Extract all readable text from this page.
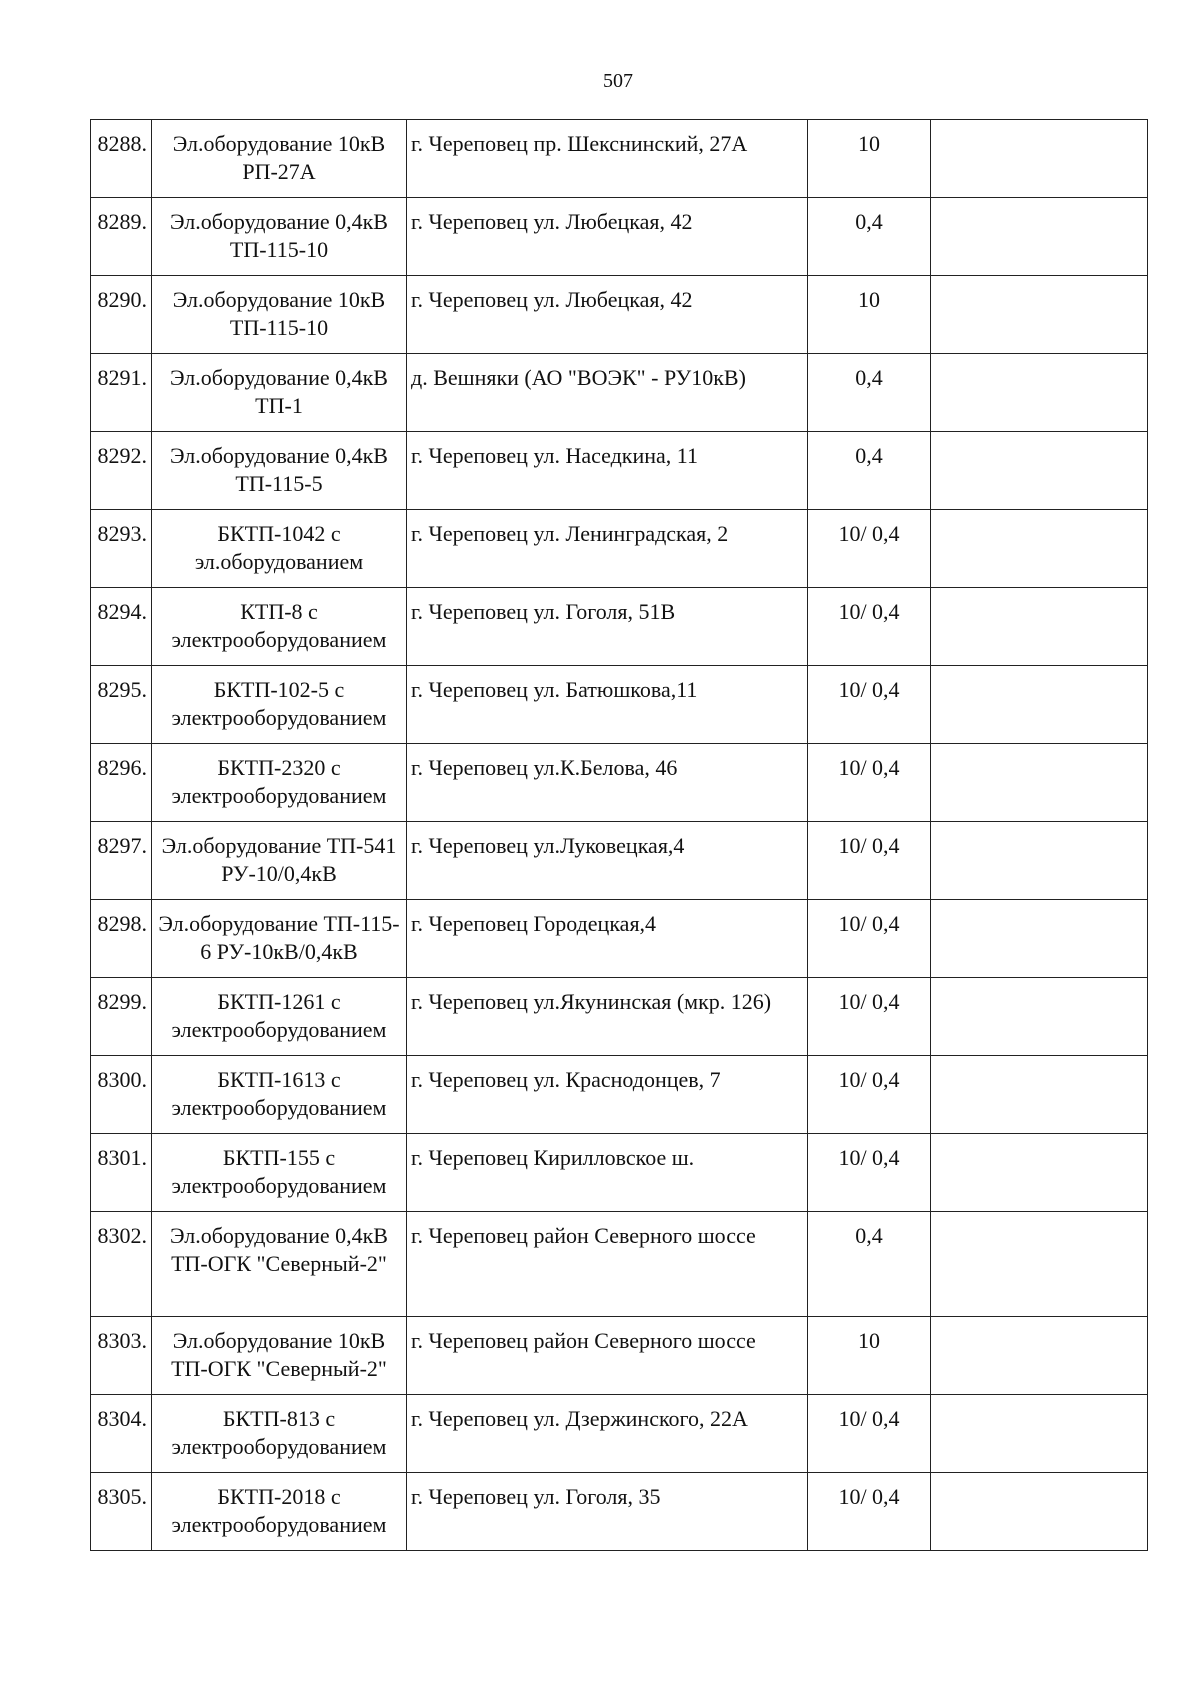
507
8288.	Эл.оборудование 10кВ РП-27А	г. Череповец пр. Шекснинский, 27А	10	
8289.	Эл.оборудование 0,4кВ ТП-115-10	г. Череповец ул. Любецкая, 42	0,4	
8290.	Эл.оборудование 10кВ ТП-115-10	г. Череповец ул. Любецкая, 42	10	
8291.	Эл.оборудование 0,4кВ ТП-1	д. Вешняки (АО "ВОЭК" - РУ10кВ)	0,4	
8292.	Эл.оборудование 0,4кВ ТП-115-5	г. Череповец ул. Наседкина, 11	0,4	
8293.	БКТП-1042 с эл.оборудованием	г. Череповец ул. Ленинградская, 2	10/ 0,4	
8294.	КТП-8 с электрооборудованием	г. Череповец ул. Гоголя, 51В	10/ 0,4	
8295.	БКТП-102-5 с электрооборудованием	г. Череповец ул. Батюшкова,11	10/ 0,4	
8296.	БКТП-2320 с электрооборудованием	г. Череповец ул.К.Белова, 46	10/ 0,4	
8297.	Эл.оборудование ТП-541 РУ-10/0,4кВ	г. Череповец ул.Луковецкая,4	10/ 0,4	
8298.	Эл.оборудование ТП-115-6 РУ-10кВ/0,4кВ	г. Череповец Городецкая,4	10/ 0,4	
8299.	БКТП-1261 с электрооборудованием	г. Череповец ул.Якунинская (мкр. 126)	10/ 0,4	
8300.	БКТП-1613 с электрооборудованием	г. Череповец ул. Краснодонцев, 7	10/ 0,4	
8301.	БКТП-155 с электрооборудованием	г. Череповец Кирилловское ш.	10/ 0,4	
8302.	Эл.оборудование 0,4кВ ТП-ОГК "Северный-2"	г. Череповец район Северного шоссе	0,4	
8303.	Эл.оборудование 10кВ ТП-ОГК "Северный-2"	г. Череповец район Северного шоссе	10	
8304.	БКТП-813 с электрооборудованием	г. Череповец ул. Дзержинского, 22А	10/ 0,4	
8305.	БКТП-2018 с электрооборудованием	г. Череповец ул. Гоголя, 35	10/ 0,4	
